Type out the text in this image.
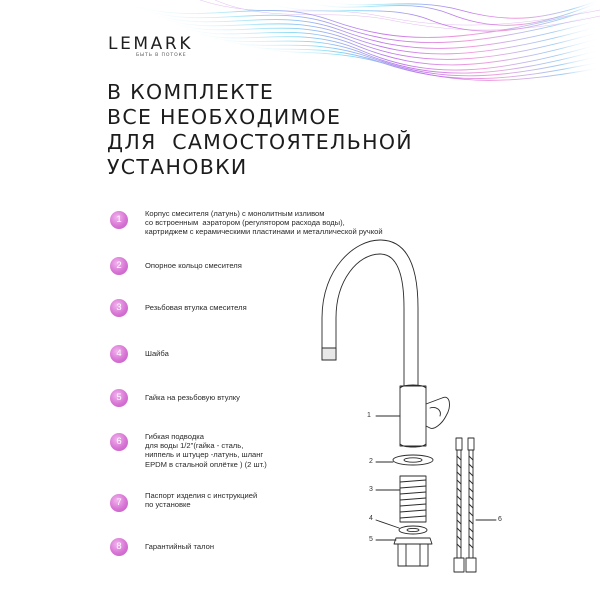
LEMARK
БЫТЬ В ПОТОКЕ
В КОМПЛЕКТЕ
ВСЕ НЕОБХОДИМОЕ
ДЛЯ  САМОСТОЯТЕЛЬНОЙ
УСТАНОВКИ
1
Корпус смесителя (латунь) с монолитным изливом
со встроенным  аэратором (регулятором расхода воды),
картриджем с керамическими пластинами и металлической ручкой
2	Опорное кольцо смесителя
3	Резьбовая втулка смесителя
4	Шайба
5	Гайка на резьбовую втулку
6	Гибкая подводка
для воды 1/2"(гайка - сталь,
ниппель и штуцер -латунь, шланг
EPDM в стальной оплётке ) (2 шт.)
7
Паспорт изделия с инструкцией
по установке
8	Гарантийный талон
1
2
3
4
5
6
